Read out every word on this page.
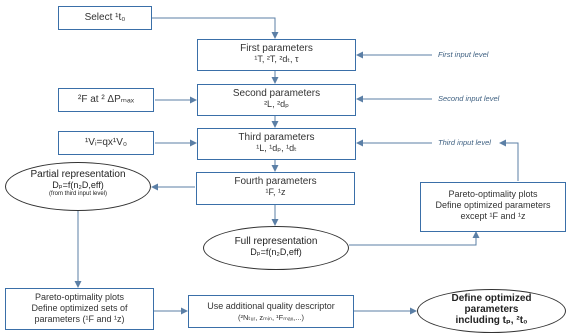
Select ¹t₀
First parameters
¹T, ²T, ²dₜ, τ
Second parameters
²L, ²dₚ
Third parameters
¹L, ¹dₚ, ¹dₜ
Fourth parameters
¹F, ¹z
²F at ² ΔPₘₐₓ
¹Vᵢ=qx¹V₀
First input level
Second input level
Third input level
Partial representation
Dₚ=f(n₂D,eff)
(from third input level)
Full representation
Dₚ=f(n₂D,eff)
Define optimized
parameters
including tₚ, ²t₀
Pareto-optimality plots
Define optimized parameters
except ¹F and ¹z
Pareto-optimality plots
Define optimized sets of
parameters (¹F and ¹z)
Use additional quality descriptor
(²Nₜᵤᵣ, zₘᵢₙ, ¹Fₘₐₓ,...)
